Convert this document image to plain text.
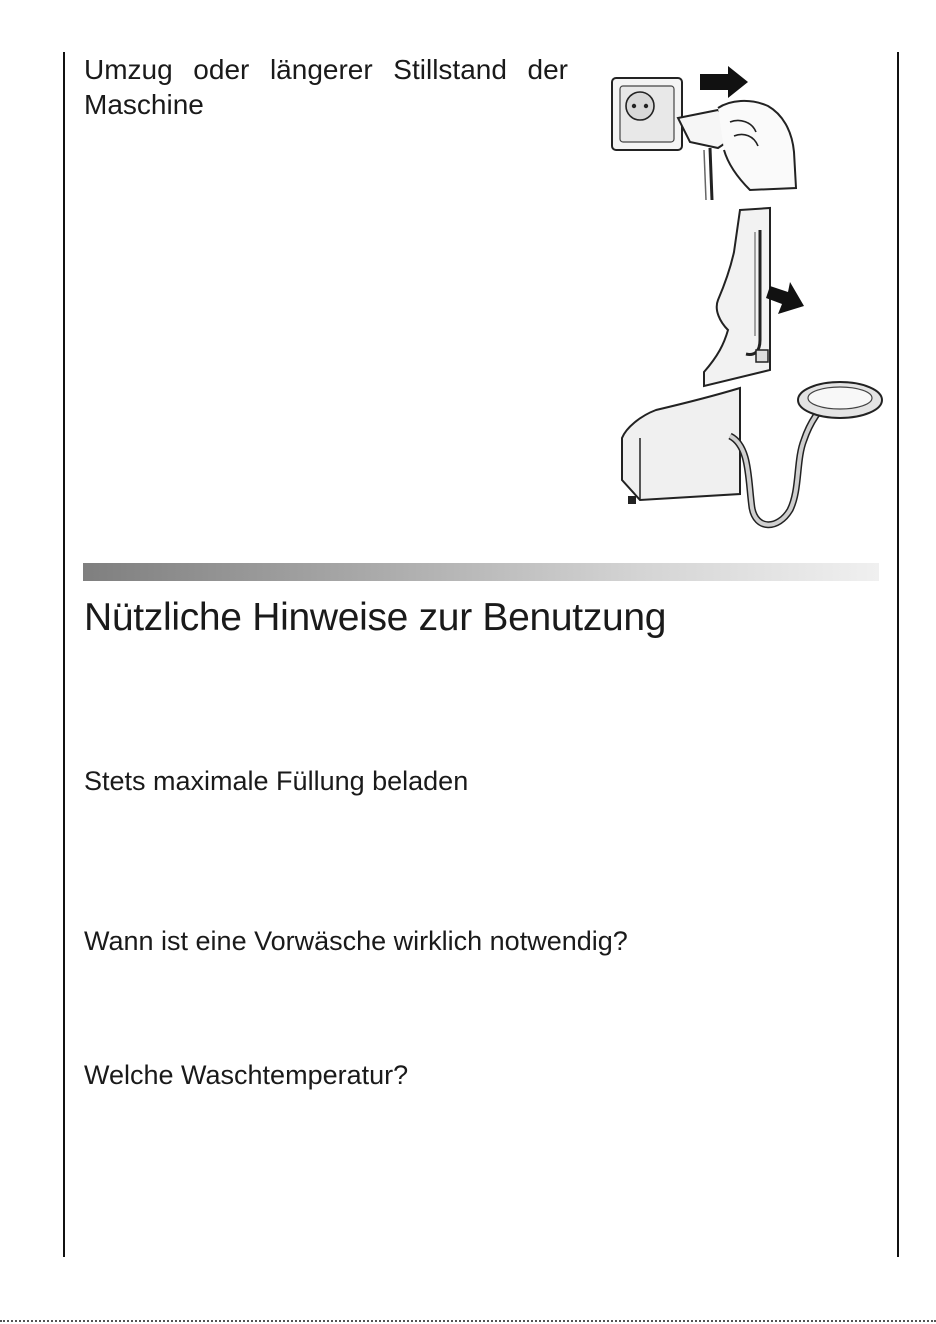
Umzug oder längerer Stillstand der
Maschine
Nützliche Hinweise zur Benutzung
Stets maximale Füllung beladen
Wann ist eine Vorwäsche wirklich notwendig?
Welche Waschtemperatur?
